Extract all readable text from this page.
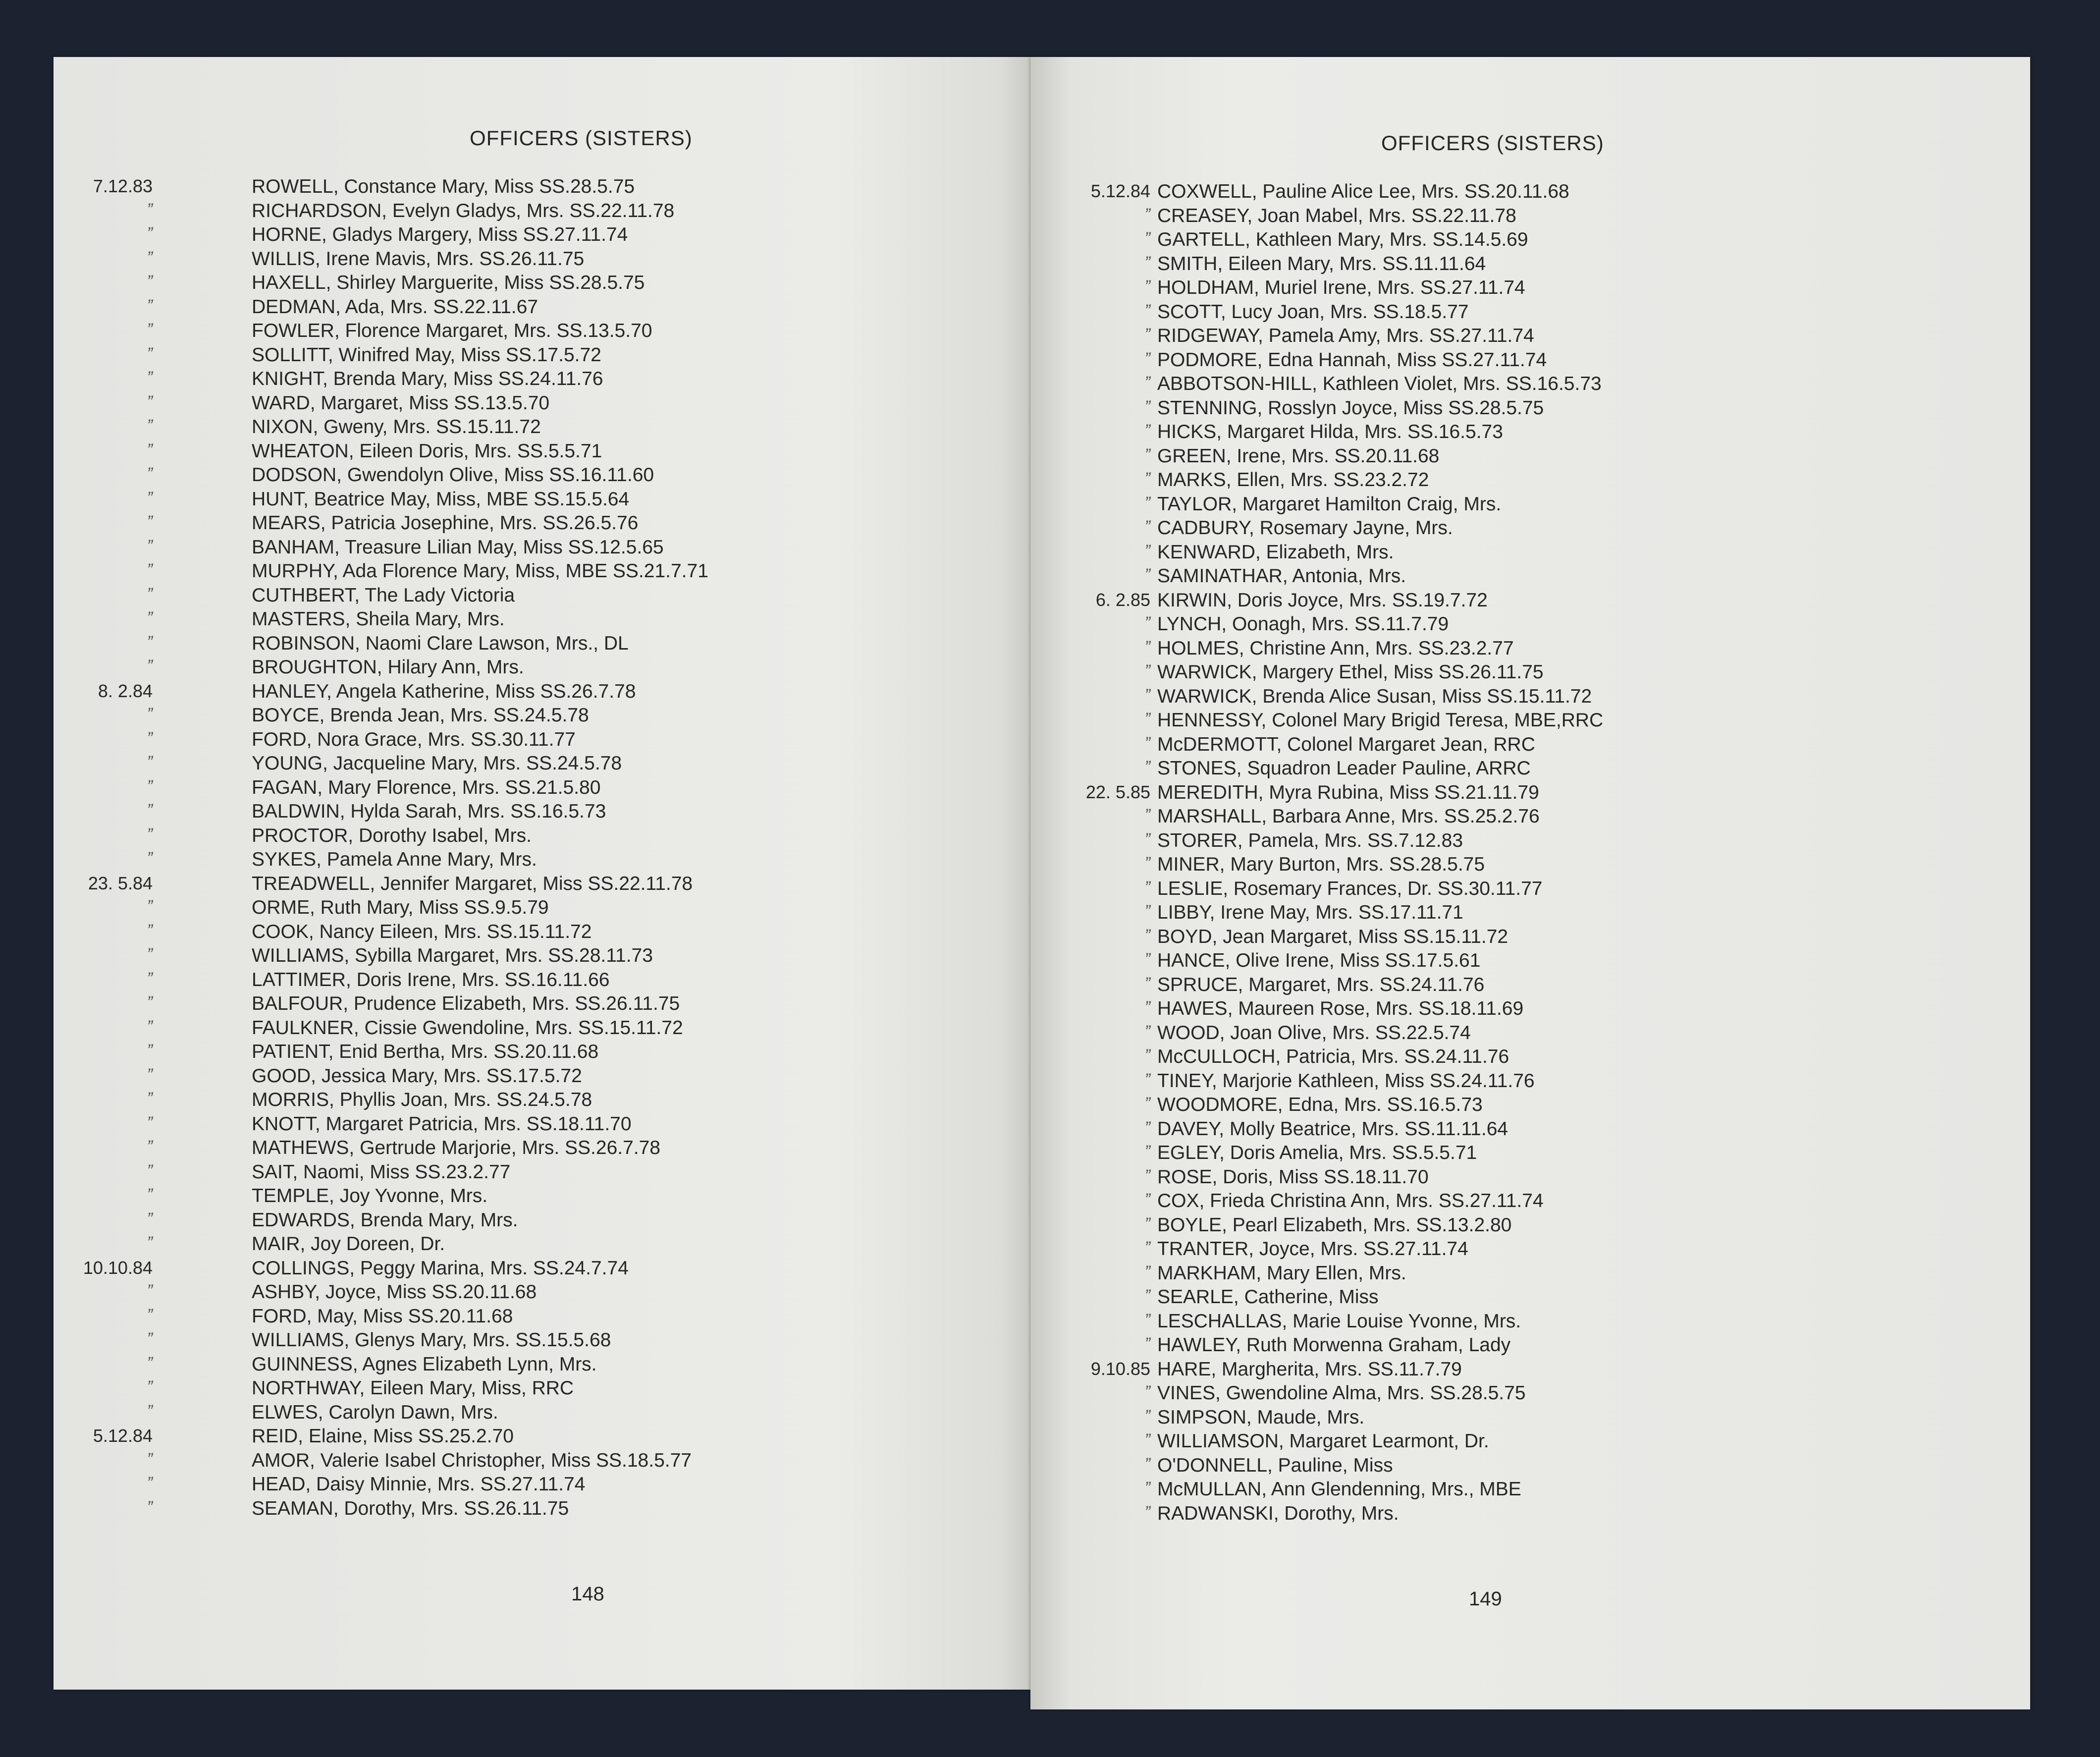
OFFICERS (SISTERS)
7.12.83	ROWELL, Constance Mary, Miss SS.28.5.75
”	RICHARDSON, Evelyn Gladys, Mrs. SS.22.11.78
”	HORNE, Gladys Margery, Miss SS.27.11.74
”	WILLIS, Irene Mavis, Mrs. SS.26.11.75
”	HAXELL, Shirley Marguerite, Miss SS.28.5.75
”	DEDMAN, Ada, Mrs. SS.22.11.67
”	FOWLER, Florence Margaret, Mrs. SS.13.5.70
”	SOLLITT, Winifred May, Miss SS.17.5.72
”	KNIGHT, Brenda Mary, Miss SS.24.11.76
”	WARD, Margaret, Miss SS.13.5.70
”	NIXON, Gweny, Mrs. SS.15.11.72
”	WHEATON, Eileen Doris, Mrs. SS.5.5.71
”	DODSON, Gwendolyn Olive, Miss SS.16.11.60
”	HUNT, Beatrice May, Miss, MBE SS.15.5.64
”	MEARS, Patricia Josephine, Mrs. SS.26.5.76
”	BANHAM, Treasure Lilian May, Miss SS.12.5.65
”	MURPHY, Ada Florence Mary, Miss, MBE SS.21.7.71
”	CUTHBERT, The Lady Victoria
”	MASTERS, Sheila Mary, Mrs.
”	ROBINSON, Naomi Clare Lawson, Mrs., DL
”	BROUGHTON, Hilary Ann, Mrs.
8. 2.84	HANLEY, Angela Katherine, Miss SS.26.7.78
”	BOYCE, Brenda Jean, Mrs. SS.24.5.78
”	FORD, Nora Grace, Mrs. SS.30.11.77
”	YOUNG, Jacqueline Mary, Mrs. SS.24.5.78
”	FAGAN, Mary Florence, Mrs. SS.21.5.80
”	BALDWIN, Hylda Sarah, Mrs. SS.16.5.73
”	PROCTOR, Dorothy Isabel, Mrs.
”	SYKES, Pamela Anne Mary, Mrs.
23. 5.84	TREADWELL, Jennifer Margaret, Miss SS.22.11.78
”	ORME, Ruth Mary, Miss SS.9.5.79
”	COOK, Nancy Eileen, Mrs. SS.15.11.72
”	WILLIAMS, Sybilla Margaret, Mrs. SS.28.11.73
”	LATTIMER, Doris Irene, Mrs. SS.16.11.66
”	BALFOUR, Prudence Elizabeth, Mrs. SS.26.11.75
”	FAULKNER, Cissie Gwendoline, Mrs. SS.15.11.72
”	PATIENT, Enid Bertha, Mrs. SS.20.11.68
”	GOOD, Jessica Mary, Mrs. SS.17.5.72
”	MORRIS, Phyllis Joan, Mrs. SS.24.5.78
”	KNOTT, Margaret Patricia, Mrs. SS.18.11.70
”	MATHEWS, Gertrude Marjorie, Mrs. SS.26.7.78
”	SAIT, Naomi, Miss SS.23.2.77
”	TEMPLE, Joy Yvonne, Mrs.
”	EDWARDS, Brenda Mary, Mrs.
”	MAIR, Joy Doreen, Dr.
10.10.84	COLLINGS, Peggy Marina, Mrs. SS.24.7.74
”	ASHBY, Joyce, Miss SS.20.11.68
”	FORD, May, Miss SS.20.11.68
”	WILLIAMS, Glenys Mary, Mrs. SS.15.5.68
”	GUINNESS, Agnes Elizabeth Lynn, Mrs.
”	NORTHWAY, Eileen Mary, Miss, RRC
”	ELWES, Carolyn Dawn, Mrs.
5.12.84	REID, Elaine, Miss SS.25.2.70
”	AMOR, Valerie Isabel Christopher, Miss SS.18.5.77
”	HEAD, Daisy Minnie, Mrs. SS.27.11.74
”	SEAMAN, Dorothy, Mrs. SS.26.11.75
148
OFFICERS (SISTERS)
5.12.84 COXWELL, Pauline Alice Lee, Mrs. SS.20.11.68
” CREASEY, Joan Mabel, Mrs. SS.22.11.78
” GARTELL, Kathleen Mary, Mrs. SS.14.5.69
” SMITH, Eileen Mary, Mrs. SS.11.11.64
” HOLDHAM, Muriel Irene, Mrs. SS.27.11.74
” SCOTT, Lucy Joan, Mrs. SS.18.5.77
” RIDGEWAY, Pamela Amy, Mrs. SS.27.11.74
” PODMORE, Edna Hannah, Miss SS.27.11.74
” ABBOTSON-HILL, Kathleen Violet, Mrs. SS.16.5.73
” STENNING, Rosslyn Joyce, Miss SS.28.5.75
” HICKS, Margaret Hilda, Mrs. SS.16.5.73
” GREEN, Irene, Mrs. SS.20.11.68
” MARKS, Ellen, Mrs. SS.23.2.72
” TAYLOR, Margaret Hamilton Craig, Mrs.
” CADBURY, Rosemary Jayne, Mrs.
” KENWARD, Elizabeth, Mrs.
” SAMINATHAR, Antonia, Mrs.
6. 2.85 KIRWIN, Doris Joyce, Mrs. SS.19.7.72
” LYNCH, Oonagh, Mrs. SS.11.7.79
” HOLMES, Christine Ann, Mrs. SS.23.2.77
” WARWICK, Margery Ethel, Miss SS.26.11.75
” WARWICK, Brenda Alice Susan, Miss SS.15.11.72
” HENNESSY, Colonel Mary Brigid Teresa, MBE,RRC
” McDERMOTT, Colonel Margaret Jean, RRC
” STONES, Squadron Leader Pauline, ARRC
22. 5.85 MEREDITH, Myra Rubina, Miss SS.21.11.79
” MARSHALL, Barbara Anne, Mrs. SS.25.2.76
” STORER, Pamela, Mrs. SS.7.12.83
” MINER, Mary Burton, Mrs. SS.28.5.75
” LESLIE, Rosemary Frances, Dr. SS.30.11.77
” LIBBY, Irene May, Mrs. SS.17.11.71
” BOYD, Jean Margaret, Miss SS.15.11.72
” HANCE, Olive Irene, Miss SS.17.5.61
” SPRUCE, Margaret, Mrs. SS.24.11.76
” HAWES, Maureen Rose, Mrs. SS.18.11.69
” WOOD, Joan Olive, Mrs. SS.22.5.74
” McCULLOCH, Patricia, Mrs. SS.24.11.76
” TINEY, Marjorie Kathleen, Miss SS.24.11.76
” WOODMORE, Edna, Mrs. SS.16.5.73
” DAVEY, Molly Beatrice, Mrs. SS.11.11.64
” EGLEY, Doris Amelia, Mrs. SS.5.5.71
” ROSE, Doris, Miss SS.18.11.70
” COX, Frieda Christina Ann, Mrs. SS.27.11.74
” BOYLE, Pearl Elizabeth, Mrs. SS.13.2.80
” TRANTER, Joyce, Mrs. SS.27.11.74
” MARKHAM, Mary Ellen, Mrs.
” SEARLE, Catherine, Miss
” LESCHALLAS, Marie Louise Yvonne, Mrs.
” HAWLEY, Ruth Morwenna Graham, Lady
9.10.85 HARE, Margherita, Mrs. SS.11.7.79
” VINES, Gwendoline Alma, Mrs. SS.28.5.75
” SIMPSON, Maude, Mrs.
” WILLIAMSON, Margaret Learmont, Dr.
” O'DONNELL, Pauline, Miss
” McMULLAN, Ann Glendenning, Mrs., MBE
” RADWANSKI, Dorothy, Mrs.
149
